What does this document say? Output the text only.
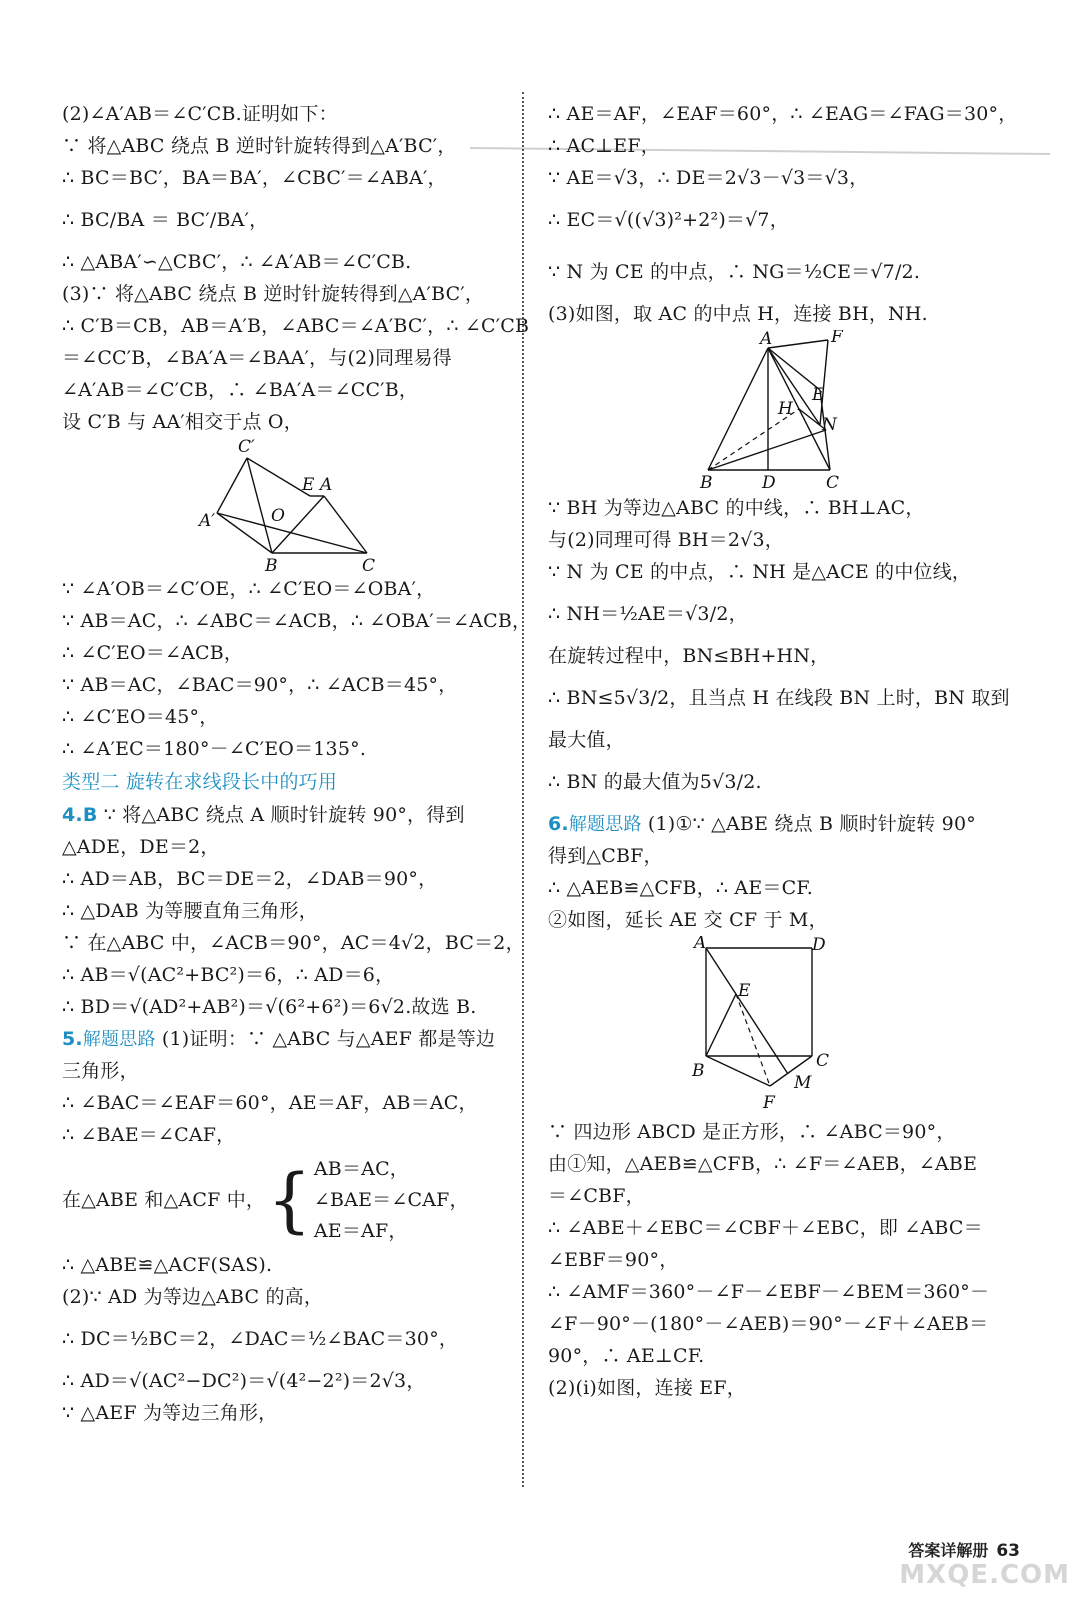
(2)∠A′AB＝∠C′CB.证明如下：
∵ 将△ABC 绕点 B 逆时针旋转得到△A′BC′，
∴ BC＝BC′，BA＝BA′，∠CBC′＝∠ABA′，
∴ BC/BA ＝ BC′/BA′，
∴ △ABA′∽△CBC′，∴ ∠A′AB＝∠C′CB.
(3)∵ 将△ABC 绕点 B 逆时针旋转得到△A′BC′，
∴ C′B＝CB，AB＝A′B，∠ABC＝∠A′BC′，∴ ∠C′CB
＝∠CC′B，∠BA′A＝∠BAA′，与(2)同理易得
∠A′AB＝∠C′CB，∴ ∠BA′A＝∠CC′B，
设 C′B 与 AA′相交于点 O，
C′
E A
A′	O
B	C
∵ ∠A′OB＝∠C′OE，∴ ∠C′EO＝∠OBA′，
∵ AB＝AC，∴ ∠ABC＝∠ACB，∴ ∠OBA′＝∠ACB，
∴ ∠C′EO＝∠ACB，
∵ AB＝AC，∠BAC＝90°，∴ ∠ACB＝45°，
∴ ∠C′EO＝45°，
∴ ∠A′EC＝180°－∠C′EO＝135°.
类型二 旋转在求线段长中的巧用
4.B ∵ 将△ABC 绕点 A 顺时针旋转 90°，得到
△ADE，DE＝2，
∴ AD＝AB，BC＝DE＝2，∠DAB＝90°，
∴ △DAB 为等腰直角三角形，
∵ 在△ABC 中，∠ACB＝90°，AC＝4√2，BC＝2，
∴ AB＝√(AC²+BC²)＝6，∴ AD＝6，
∴ BD＝√(AD²+AB²)＝√(6²+6²)＝6√2.故选 B.
5.解题思路 (1)证明：∵ △ABC 与△AEF 都是等边
三角形，
∴ ∠BAC＝∠EAF＝60°，AE＝AF，AB＝AC，
∴ ∠BAE＝∠CAF，
在△ABE 和△ACF 中， { AB＝AC，
∠BAE＝∠CAF，
AE＝AF，
∴ △ABE≌△ACF(SAS).
(2)∵ AD 为等边△ABC 的高，
∴ DC＝½BC＝2，∠DAC＝½∠BAC＝30°，
∴ AD＝√(AC²−DC²)＝√(4²−2²)＝2√3，
∵ △AEF 为等边三角形，
∴ AE＝AF，∠EAF＝60°，∴ ∠EAG＝∠FAG＝30°，
∴ AC⊥EF，
∵ AE＝√3，∴ DE＝2√3－√3＝√3，
∴ EC＝√((√3)²+2²)＝√7，
∵ N 为 CE 的中点，∴ NG＝½CE＝√7/2.
(3)如图，取 AC 的中点 H，连接 BH，NH.
A	F
E
H
N
B	D	C
∵ BH 为等边△ABC 的中线，∴ BH⊥AC，
与(2)同理可得 BH＝2√3，
∵ N 为 CE 的中点，∴ NH 是△ACE 的中位线，
∴ NH＝½AE＝√3/2，
在旋转过程中，BN≤BH+HN，
∴ BN≤5√3/2，且当点 H 在线段 BN 上时，BN 取到
最大值，
∴ BN 的最大值为5√3/2.
6.解题思路 (1)①∵ △ABE 绕点 B 顺时针旋转 90°
得到△CBF，
∴ △AEB≌△CFB，∴ AE＝CF.
②如图，延长 AE 交 CF 于 M，
A	D
E
B	C
M
F
∵ 四边形 ABCD 是正方形，∴ ∠ABC＝90°，
由①知，△AEB≌△CFB，∴ ∠F＝∠AEB，∠ABE
＝∠CBF，
∴ ∠ABE＋∠EBC＝∠CBF＋∠EBC，即 ∠ABC＝
∠EBF＝90°，
∴ ∠AMF＝360°－∠F－∠EBF－∠BEM＝360°－
∠F－90°－(180°－∠AEB)＝90°－∠F＋∠AEB＝
90°，∴ AE⊥CF.
(2)(i)如图，连接 EF，
答案详解册 63
MXQE.COM
